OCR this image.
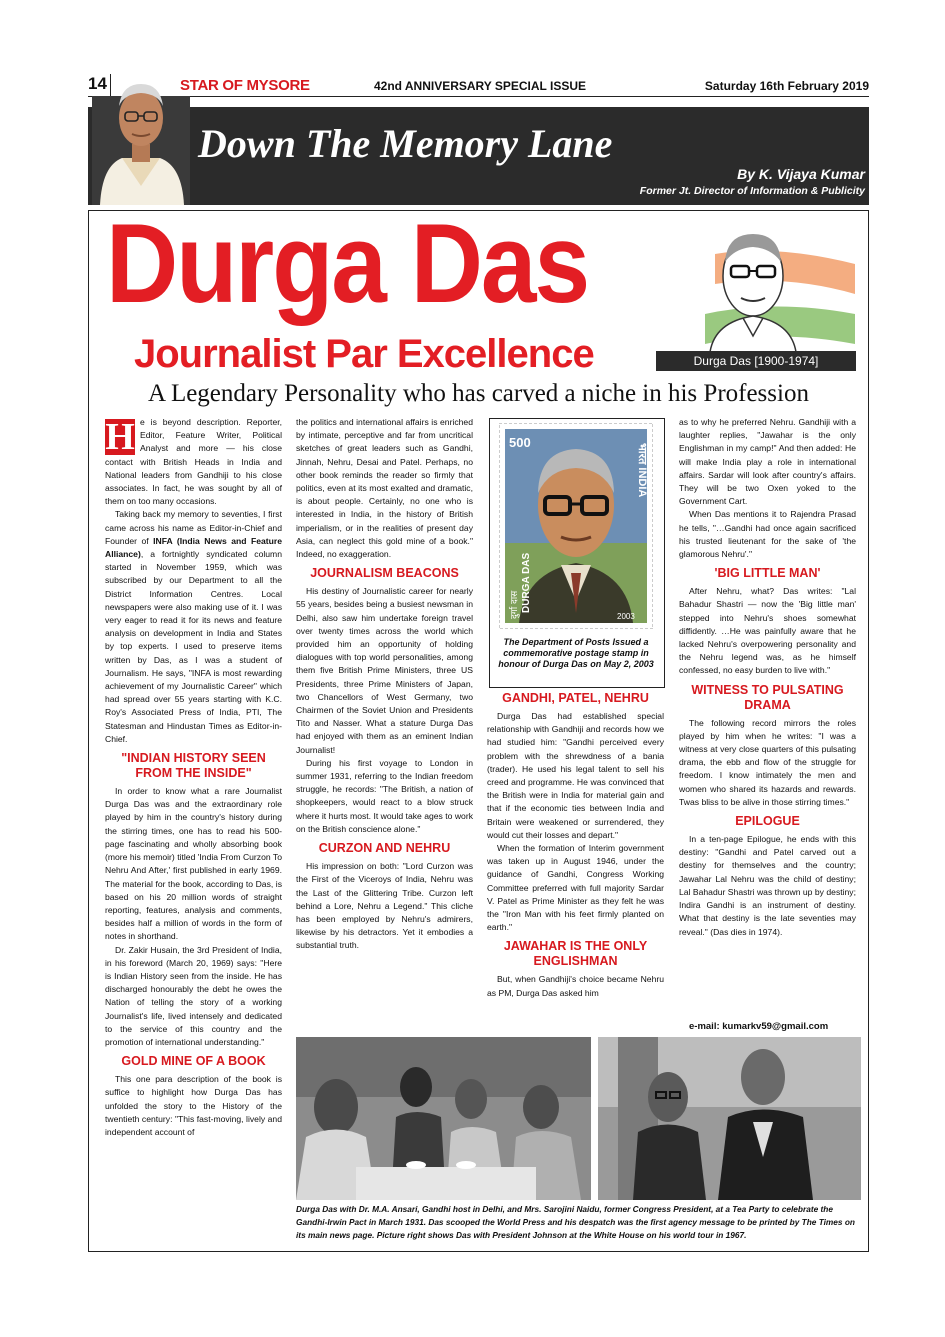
14	STAR OF MYSORE	42nd ANNIVERSARY SPECIAL ISSUE	Saturday 16th February 2019
Down The Memory Lane
By K. Vijaya Kumar
Former Jt. Director of Information & Publicity
Durga Das
Journalist Par Excellence	Durga Das [1900-1974]
A Legendary Personality who has carved a niche in his Profession
H e is beyond description. Reporter, Editor, Feature Writer, Political Analyst and more — his close contact with British Heads in India and National leaders from Gandhiji to his close associates. In fact, he was sought by all of them on too many occasions.

Taking back my memory to seventies, I first came across his name as Editor-in-Chief and Founder of INFA (India News and Feature Alliance), a fortnightly syndicated column started in November 1959, which was subscribed by our Department to all the District Information Centres. Local newspapers were also making use of it. I was very eager to read it for its news and feature analysis on development in India and States by top experts. I used to preserve items written by Das, as I was a student of Journalism. He says, "INFA is most rewarding achievement of my Journalistic Career" which had spread over 55 years starting with K.C. Roy's Associated Press of India, PTI, The Statesman and Hindustan Times as Editor-in-Chief.

"INDIAN HISTORY SEEN FROM THE INSIDE"

In order to know what a rare Journalist Durga Das was and the extraordinary role played by him in the country's history during the stirring times, one has to read his 500-page fascinating and wholly absorbing book (more his memoir) titled 'India From Curzon To Nehru And After,' first published in early 1969. The material for the book, according to Das, is based on his 20 million words of straight reporting, features, analysis and comments, besides half a million of words in the form of notes in shorthand.

Dr. Zakir Husain, the 3rd President of India, in his foreword (March 20, 1969) says: "Here is Indian History seen from the inside. He has discharged honourably the debt he owes the Nation of telling the story of a working Journalist's life, lived intensely and dedicated to the service of this country and the promotion of international understanding."

GOLD MINE OF A BOOK

This one para description of the book is suffice to highlight how Durga Das has unfolded the story to the History of the twentieth century: "This fast-moving, lively and independent account of

the politics and international affairs is enriched by intimate, perceptive and far from uncritical sketches of great leaders such as Gandhi, Jinnah, Nehru, Desai and Patel. Perhaps, no other book reminds the reader so firmly that politics, even at its most exalted and dramatic, is about people. Certainly, no one who is interested in India, in the history of British imperialism, or in the realities of present day Asia, can neglect this gold mine of a book." Indeed, no exaggeration.

JOURNALISM BEACONS

His destiny of Journalistic career for nearly 55 years, besides being a busiest newsman in Delhi, also saw him undertake foreign travel over twenty times across the world which provided him an opportunity of holding dialogues with top world personalities, among them five British Prime Ministers, three US Presidents, three Prime Ministers of Japan, two Chancellors of West Germany, two Chairmen of the Soviet Union and Presidents Tito and Nasser. What a stature Durga Das had enjoyed with them as an eminent Indian Journalist!

During his first voyage to London in summer 1931, referring to the Indian freedom struggle, he records: "The British, a nation of shopkeepers, would react to a blow struck where it hurts most. It would take ages to work on the British conscience alone."

CURZON AND NEHRU

His impression on both: "Lord Curzon was the First of the Viceroys of India, Nehru was the Last of the Glittering Tribe. Curzon left behind a Lore, Nehru a Legend." This cliche has been employed by Nehru's admirers, likewise by his detractors. Yet it embodies a substantial truth.

500
भारत INDIA
DURGA DAS
दुर्गा दास	2003
The Department of Posts Issued a commemorative postage stamp in honour of Durga Das on May 2, 2003
GANDHI, PATEL, NEHRU

Durga Das had established special relationship with Gandhiji and records how we had studied him: "Gandhi perceived every problem with the shrewdness of a bania (trader). He used his legal talent to sell his creed and programme. He was convinced that the British were in India for material gain and that if the economic ties between India and Britain were weakened or surrendered, they would cut their losses and depart."

When the formation of Interim government was taken up in August 1946, under the guidance of Gandhi, Congress Working Committee preferred with full majority Sardar V. Patel as Prime Minister as they felt he was the "Iron Man with his feet firmly planted on earth."

JAWAHAR IS THE ONLY ENGLISHMAN

But, when Gandhiji's choice became Nehru as PM, Durga Das asked him

as to why he preferred Nehru. Gandhiji with a laughter replies, "Jawahar is the only Englishman in my camp!" And then added: He will make India play a role in international affairs. Sardar will look after country's affairs. They will be two Oxen yoked to the Government Cart.

When Das mentions it to Rajendra Prasad he tells, "…Gandhi had once again sacrificed his trusted lieutenant for the sake of 'the glamorous Nehru'."

'BIG LITTLE MAN'

After Nehru, what? Das writes: "Lal Bahadur Shastri — now the 'Big little man' stepped into Nehru's shoes somewhat diffidently. …He was painfully aware that he lacked Nehru's overpowering personality and the Nehru legend was, as he himself confessed, no easy burden to live with."

WITNESS TO PULSATING DRAMA

The following record mirrors the roles played by him when he writes: "I was a witness at very close quarters of this pulsating drama, the ebb and flow of the struggle for freedom. I know intimately the men and women who shared its hazards and rewards. Twas bliss to be alive in those stirring times."

EPILOGUE

In a ten-page Epilogue, he ends with this destiny: "Gandhi and Patel carved out a destiny for themselves and the country; Jawahar Lal Nehru was the child of destiny; Lal Bahadur Shastri was thrown up by destiny; Indira Gandhi is an instrument of destiny. What that destiny is the late seventies may reveal." (Das dies in 1974).

e-mail: kumarkv59@gmail.com
Durga Das with Dr. M.A. Ansari, Gandhi host in Delhi, and Mrs. Sarojini Naidu, former Congress President, at a Tea Party to celebrate the Gandhi-Irwin Pact in March 1931. Das scooped the World Press and his despatch was the first agency message to be printed by The Times on its main news page. Picture right shows Das with President Johnson at the White House on his world tour in 1967.
